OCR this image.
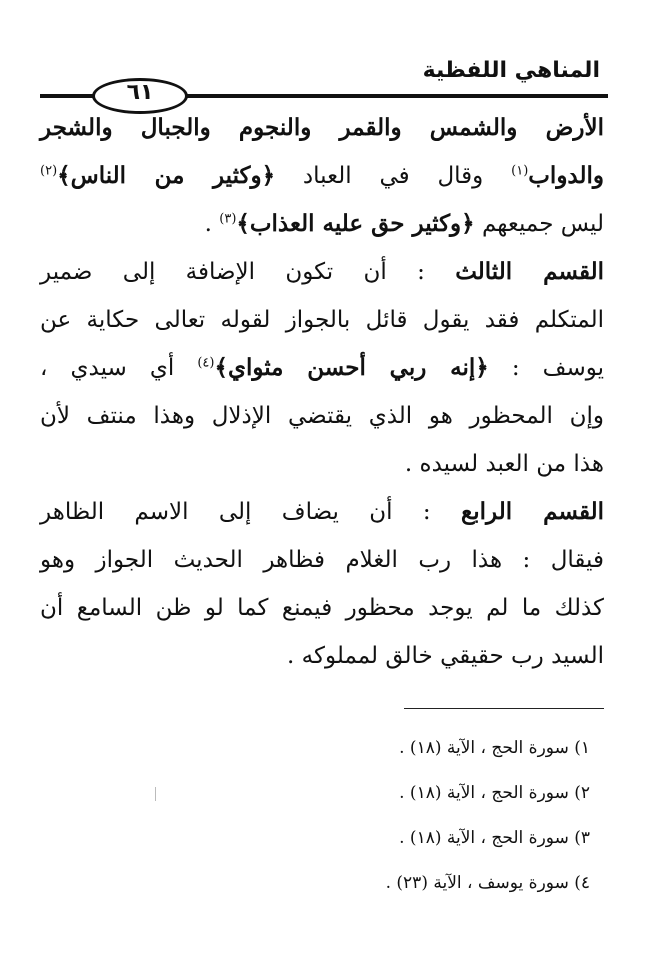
المناهي اللفظية
٦١
الأرض والشمس والقمر والنجوم والجبال والشجر
والدواب$^{(١)}$ وقال في العباد ﴿وكثير من الناس﴾$^{(٢)}$
ليس جميعهم ﴿وكثير حق عليه العذاب﴾$^{(٣)}$ .
القسم الثالث : أن تكون الإضافة إلى ضمير
المتكلم فقد يقول قائل بالجواز لقوله تعالى حكاية عن
يوسف : ﴿إنه ربي أحسن مثواي﴾$^{(٤)}$ أي سيدي ،
وإن المحظور هو الذي يقتضي الإذلال وهذا منتف لأن
هذا من العبد لسيده .
القسم الرابع : أن يضاف إلى الاسم الظاهر
فيقال : هذا رب الغلام فظاهر الحديث الجواز وهو
كذلك ما لم يوجد محظور فيمنع كما لو ظن السامع أن
السيد رب حقيقي خالق لمملوكه .
١) سورة الحج ، الآية (١٨) .
٢) سورة الحج ، الآية (١٨) .
٣) سورة الحج ، الآية (١٨) .
٤) سورة يوسف ، الآية (٢٣) .
